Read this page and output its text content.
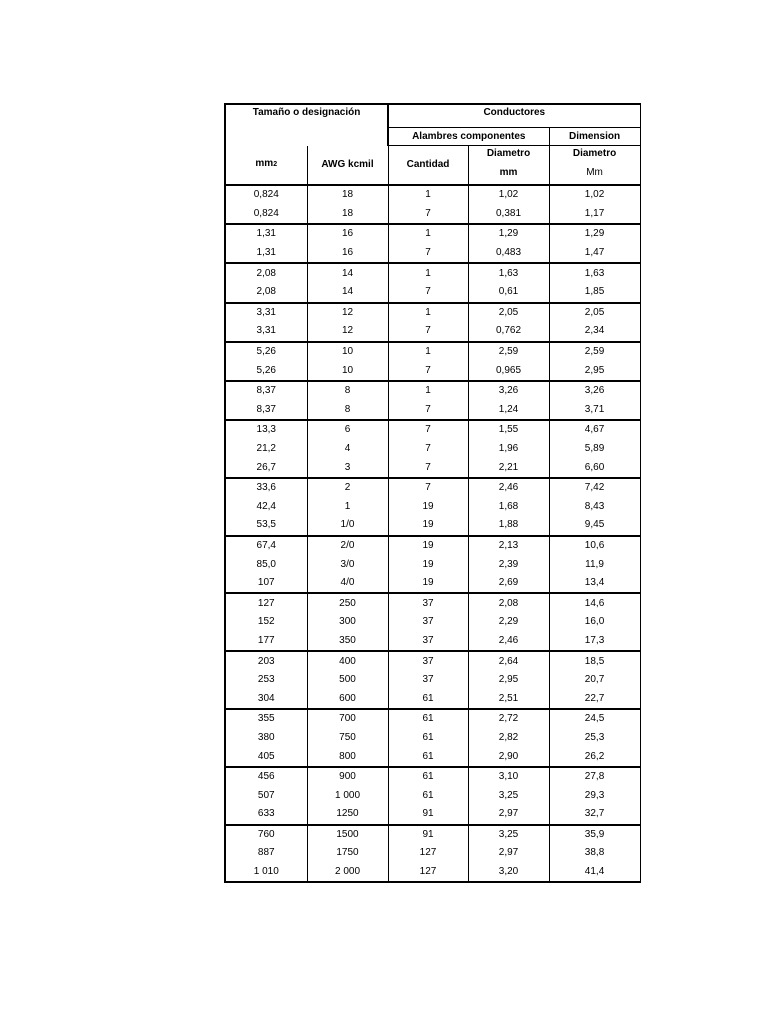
Tamaño o designación		Conductores		
		Alambres componentes		Dimension
mm2	AWG kcmil	Cantidad	Diametro	Diametro
			mm	Mm
0,824	18	1	1,02	1,02
0,824	18	7	0,381	1,17
1,31	16	1	1,29	1,29
1,31	16	7	0,483	1,47
2,08	14	1	1,63	1,63
2,08	14	7	0,61	1,85
3,31	12	1	2,05	2,05
3,31	12	7	0,762	2,34
5,26	10	1	2,59	2,59
5,26	10	7	0,965	2,95
8,37	8	1	3,26	3,26
8,37	8	7	1,24	3,71
13,3	6	7	1,55	4,67
21,2	4	7	1,96	5,89
26,7	3	7	2,21	6,60
33,6	2	7	2,46	7,42
42,4	1	19	1,68	8,43
53,5	1/0	19	1,88	9,45
67,4	2/0	19	2,13	10,6
85,0	3/0	19	2,39	11,9
107	4/0	19	2,69	13,4
127	250	37	2,08	14,6
152	300	37	2,29	16,0
177	350	37	2,46	17,3
203	400	37	2,64	18,5
253	500	37	2,95	20,7
304	600	61	2,51	22,7
355	700	61	2,72	24,5
380	750	61	2,82	25,3
405	800	61	2,90	26,2
456	900	61	3,10	27,8
507	1 000	61	3,25	29,3
633	1250	91	2,97	32,7
760	1500	91	3,25	35,9
887	1750	127	2,97	38,8
1 010	2 000	127	3,20	41,4
